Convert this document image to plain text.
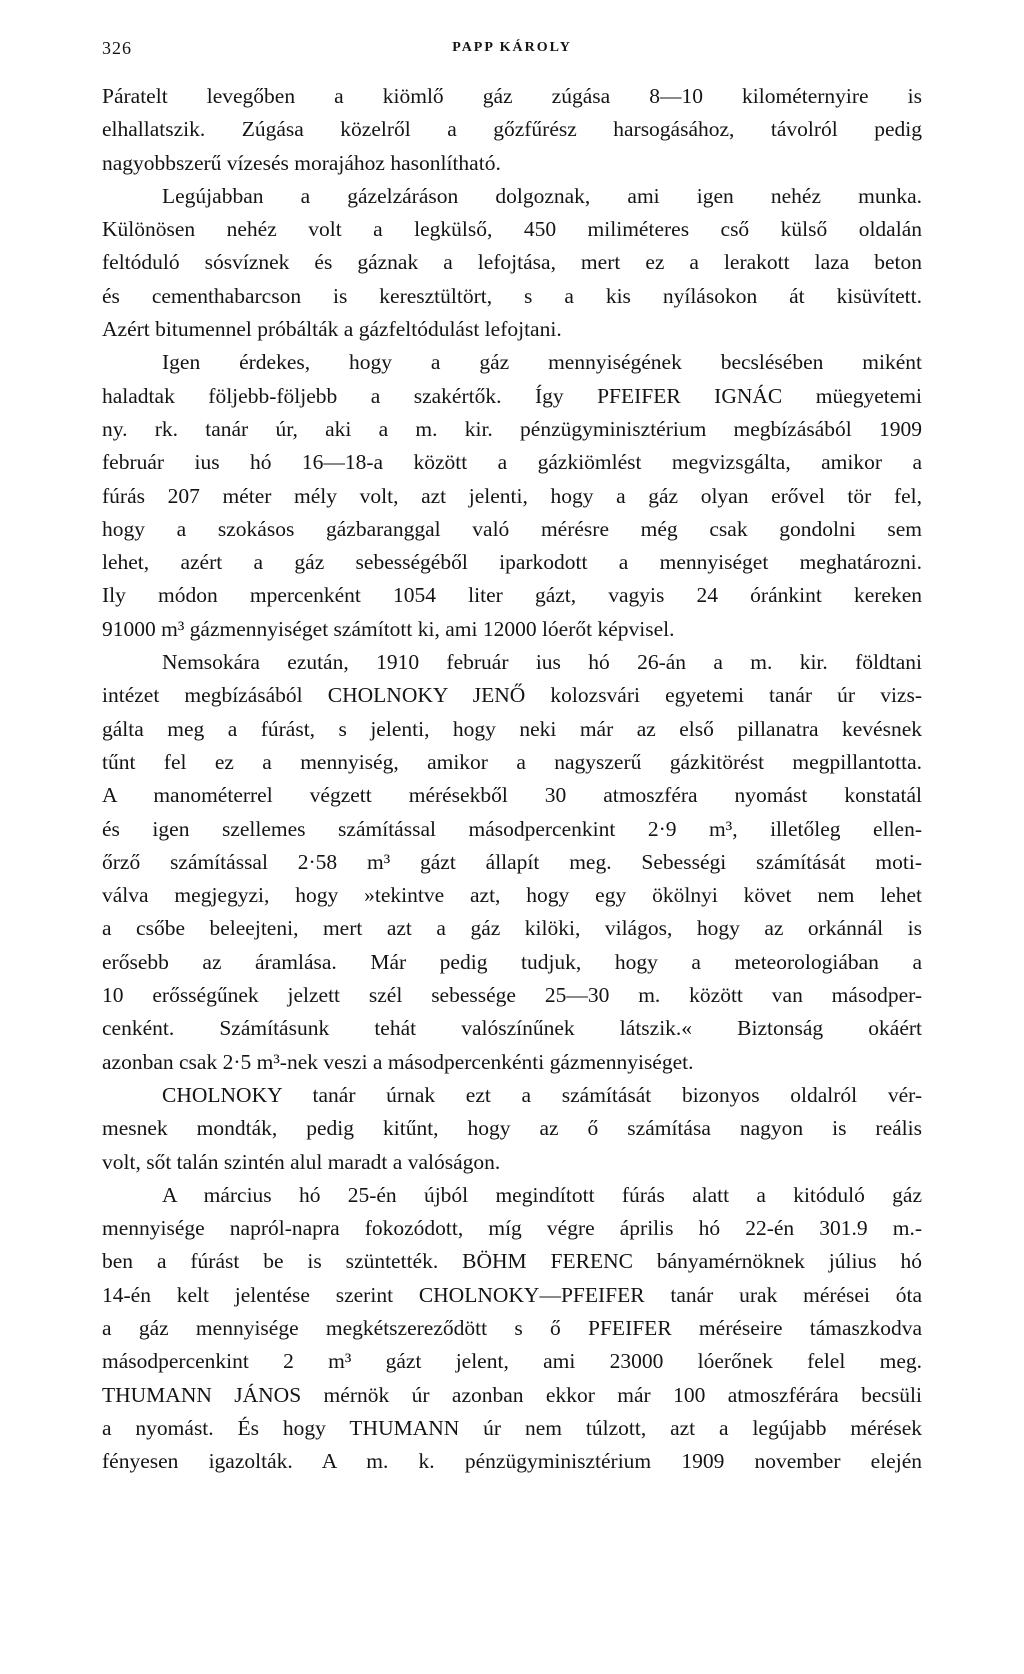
326	PAPP KÁROLY
Páratelt levegőben a kiömlő gáz zúgása 8—10 kilométernyire is
elhallatszik. Zúgása közelről a gőzfűrész harsogásához, távolról pedig
nagyobbszerű vízesés morajához hasonlítható.
Legújabban a gázelzáráson dolgoznak, ami igen nehéz munka.
Különösen nehéz volt a legkülső, 450 miliméteres cső külső oldalán
feltóduló sósvíznek és gáznak a lefojtása, mert ez a lerakott laza beton
és cementhabarcson is keresztültört, s a kis nyílásokon át kisüvített.
Azért bitumennel próbálták a gázfeltódulást lefojtani.
Igen érdekes, hogy a gáz mennyiségének becslésében miként
haladtak följebb-följebb a szakértők. Így PFEIFER IGNÁC müegyetemi
ny. rk. tanár úr, aki a m. kir. pénzügyminisztérium megbízásából 1909
február ius hó 16—18-a között a gázkiömlést megvizsgálta, amikor a
fúrás 207 méter mély volt, azt jelenti, hogy a gáz olyan erővel tör fel,
hogy a szokásos gázbaranggal való mérésre még csak gondolni sem
lehet, azért a gáz sebességéből iparkodott a mennyiséget meghatározni.
Ily módon mpercenként 1054 liter gázt, vagyis 24 óránkint kereken
91000 m³ gázmennyiséget számított ki, ami 12000 lóerőt képvisel.
Nemsokára ezután, 1910 február ius hó 26-án a m. kir. földtani
intézet megbízásából CHOLNOKY JENŐ kolozsvári egyetemi tanár úr vizs-
gálta meg a fúrást, s jelenti, hogy neki már az első pillanatra kevésnek
tűnt fel ez a mennyiség, amikor a nagyszerű gázkitörést megpillantotta.
A manométerrel végzett mérésekből 30 atmoszféra nyomást konstatál
és igen szellemes számítással másodpercenkint 2·9 m³, illetőleg ellen-
őrző számítással 2·58 m³ gázt állapít meg. Sebességi számítását moti-
válva megjegyzi, hogy »tekintve azt, hogy egy ökölnyi követ nem lehet
a csőbe beleejteni, mert azt a gáz kilöki, világos, hogy az orkánnál is
erősebb az áramlása. Már pedig tudjuk, hogy a meteorologiában a
10 erősségűnek jelzett szél sebessége 25—30 m. között van másodper-
cenként. Számításunk tehát valószínűnek látszik.« Biztonság okáért
azonban csak 2·5 m³-nek veszi a másodpercenkénti gázmennyiséget.
CHOLNOKY tanár úrnak ezt a számítását bizonyos oldalról vér-
mesnek mondták, pedig kitűnt, hogy az ő számítása nagyon is reális
volt, sőt talán szintén alul maradt a valóságon.
A március hó 25-én újból megindított fúrás alatt a kitóduló gáz
mennyisége napról-napra fokozódott, míg végre április hó 22-én 301.9 m.-
ben a fúrást be is szüntették. BÖHM FERENC bányamérnöknek július hó
14-én kelt jelentése szerint CHOLNOKY—PFEIFER tanár urak mérései óta
a gáz mennyisége megkétszereződött s ő PFEIFER méréseire támaszkodva
másodpercenkint 2 m³ gázt jelent, ami 23000 lóerőnek felel meg.
THUMANN JÁNOS mérnök úr azonban ekkor már 100 atmoszférára becsüli
a nyomást. És hogy THUMANN úr nem túlzott, azt a legújabb mérések
fényesen igazolták. A m. k. pénzügyminisztérium 1909 november elején
